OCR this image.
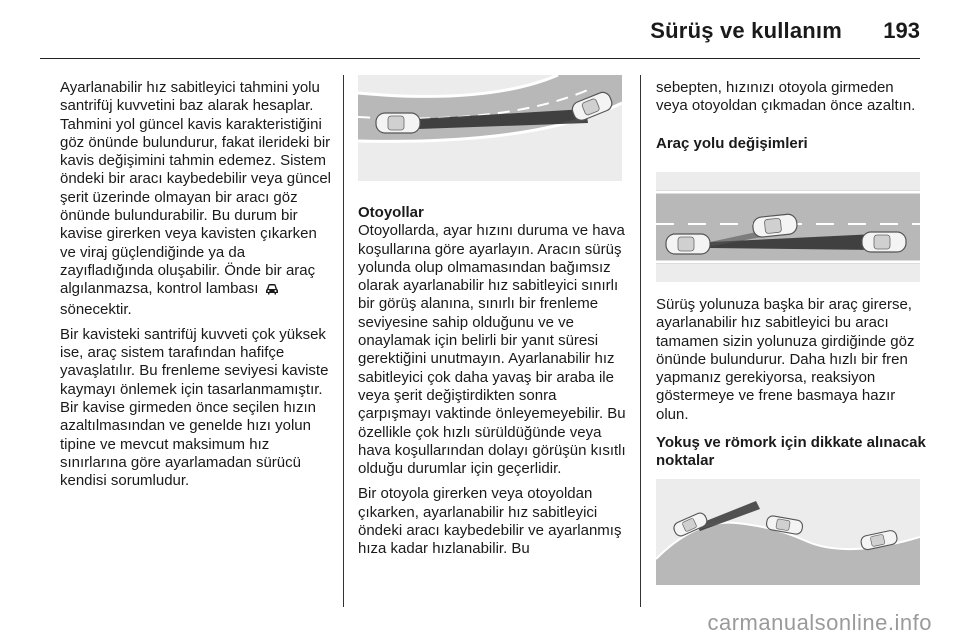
Sürüş ve kullanım 193

Ayarlanabilir hız sabitleyici tahmini yolu santrifüj kuvvetini baz alarak hesaplar. Tahmini yol güncel kavis karakteristiğini göz önünde bulundurur, fakat ilerideki bir kavis değişimini tahmin edemez. Sistem öndeki bir aracı kaybedebilir veya güncel şerit üzerinde olmayan bir aracı göz önünde bulundurabilir. Bu durum bir kavise girerken veya kavisten çıkarken ve viraj güçlendiğinde ya da zayıfladığında oluşabilir. Önde bir araç algılanmazsa, kontrol lambası
sönecektir.

Bir kavisteki santrifüj kuvveti çok yüksek ise, araç sistem tarafından hafifçe yavaşlatılır. Bu frenleme seviyesi kaviste kaymayı önlemek için tasarlanmamıştır. Bir kavise girmeden önce seçilen hızın azaltılmasından ve genelde hızı yolun tipine ve mevcut maksimum hız sınırlarına göre ayarlamadan sürücü kendisi sorumludur.

Otoyollar

Otoyollarda, ayar hızını duruma ve hava koşullarına göre ayarlayın. Aracın sürüş yolunda olup olmamasından bağımsız olarak ayarlanabilir hız sabitleyici sınırlı bir görüş alanına, sınırlı bir frenleme seviyesine sahip olduğunu ve ve onaylamak için belirli bir yanıt süresi gerektiğini unutmayın. Ayarlanabilir hız sabitleyici çok daha yavaş bir araba ile veya şerit değiştirdikten sonra çarpışmayı vaktinde önleyemeyebilir. Bu özellikle çok hızlı sürüldüğünde veya hava koşullarından dolayı görüşün kısıtlı olduğu durumlar için geçerlidir.

Bir otoyola girerken veya otoyoldan çıkarken, ayarlanabilir hız sabitleyici öndeki aracı kaybedebilir ve ayarlanmış hıza kadar hızlanabilir. Bu

sebepten, hızınızı otoyola girmeden veya otoyoldan çıkmadan önce azaltın.

Araç yolu değişimleri

Sürüş yolunuza başka bir araç girerse, ayarlanabilir hız sabitleyici bu aracı tamamen sizin yolunuza girdiğinde göz önünde bulundurur. Daha hızlı bir fren yapmanız gerekiyorsa, reaksiyon göstermeye ve frene basmaya hazır olun.

Yokuş ve römork için dikkate alınacak noktalar
carmanualsonline.info
